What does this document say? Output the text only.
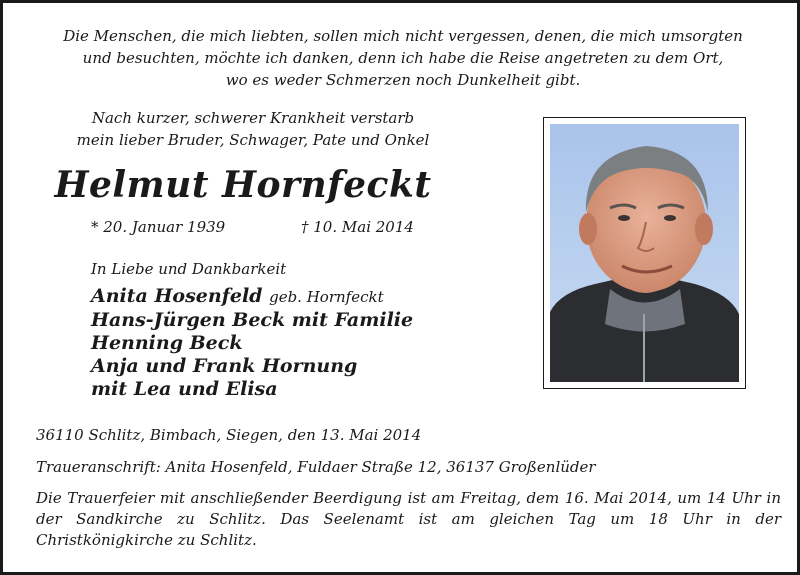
Die Menschen, die mich liebten, sollen mich nicht vergessen, denen, die mich umsorgten
und besuchten, möchte ich danken, denn ich habe die Reise angetreten zu dem Ort,
wo es weder Schmerzen noch Dunkelheit gibt.
Nach kurzer, schwerer Krankheit verstarb
mein lieber Bruder, Schwager, Pate und Onkel
Helmut Hornfeckt
* 20. Januar 1939	† 10. Mai 2014
In Liebe und Dankbarkeit
Anita Hosenfeld geb. Hornfeckt
Hans-Jürgen Beck mit Familie
Henning Beck
Anja und Frank Hornung
mit Lea und Elisa
36110 Schlitz, Bimbach, Siegen, den 13. Mai 2014
Traueranschrift: Anita Hosenfeld, Fuldaer Straße 12, 36137 Großenlüder
Die Trauerfeier mit anschließender Beerdigung ist am Freitag, dem 16. Mai 2014, um 14 Uhr in der Sandkirche zu Schlitz. Das Seelenamt ist am gleichen Tag um 18 Uhr in der Christkönigkirche zu Schlitz.
